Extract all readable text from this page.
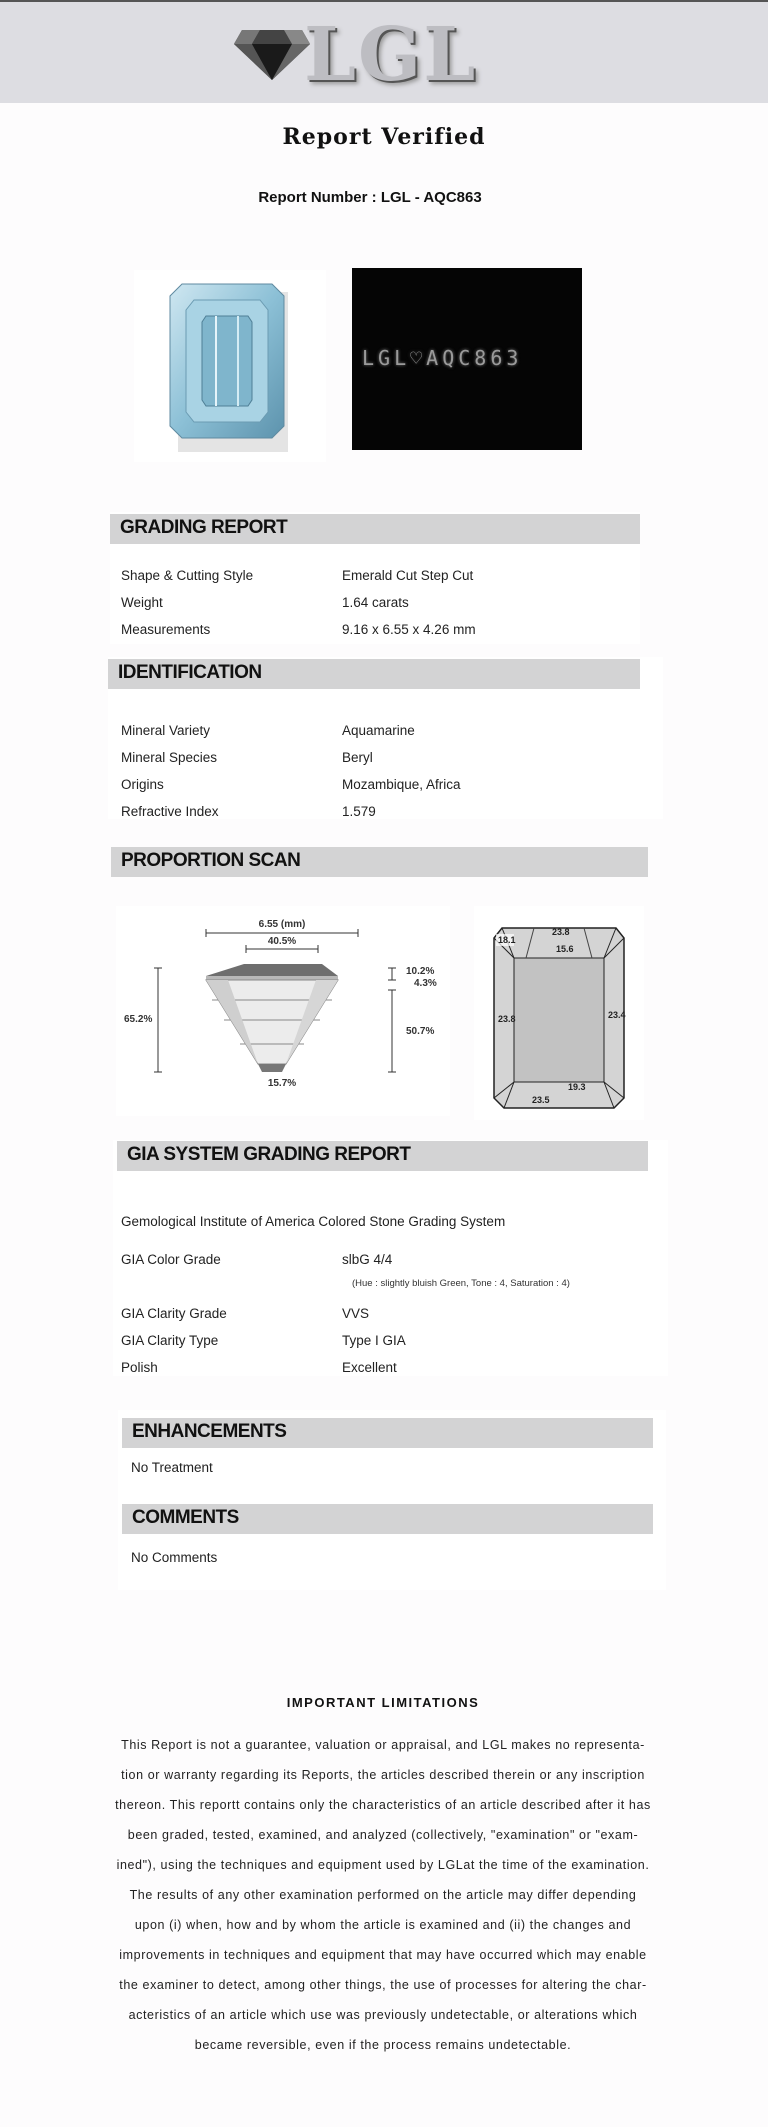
LGL
Report Verified
Report Number : LGL - AQC863
LGL♡AQC863
GRADING REPORT
Shape & Cutting Style	Emerald Cut Step Cut
Weight	1.64 carats
Measurements	9.16 x 6.55 x 4.26 mm
IDENTIFICATION
Mineral Variety	Aquamarine
Mineral Species	Beryl
Origins	Mozambique, Africa
Refractive Index	1.579
PROPORTION SCAN
6.55 (mm)
40.5%
65.2%
10.2%
4.3%
50.7%
15.7%
18.1
23.8
15.6
23.8	23.4
23.5
19.3
GIA SYSTEM GRADING REPORT
Gemological Institute of America Colored Stone Grading System
GIA Color Grade	slbG 4/4
(Hue : slightly bluish Green, Tone : 4, Saturation : 4)
GIA Clarity Grade	VVS
GIA Clarity Type	Type I GIA
Polish	Excellent
ENHANCEMENTS
No Treatment
COMMENTS
No Comments
IMPORTANT LIMITATIONS
This Report is not a guarantee, valuation or appraisal, and LGL makes no representa-
tion or warranty regarding its Reports, the articles described therein or any inscription
thereon. This reportt contains only the characteristics of an article described after it has
been graded, tested, examined, and analyzed (collectively, "examination" or "exam-
ined"), using the techniques and equipment used by LGLat the time of the examination.
The results of any other examination performed on the article may differ depending
upon (i) when, how and by whom the article is examined and (ii) the changes and
improvements in techniques and equipment that may have occurred which may enable
the examiner to detect, among other things, the use of processes for altering the char-
acteristics of an article which use was previously undetectable, or alterations which
became reversible, even if the process remains undetectable.
